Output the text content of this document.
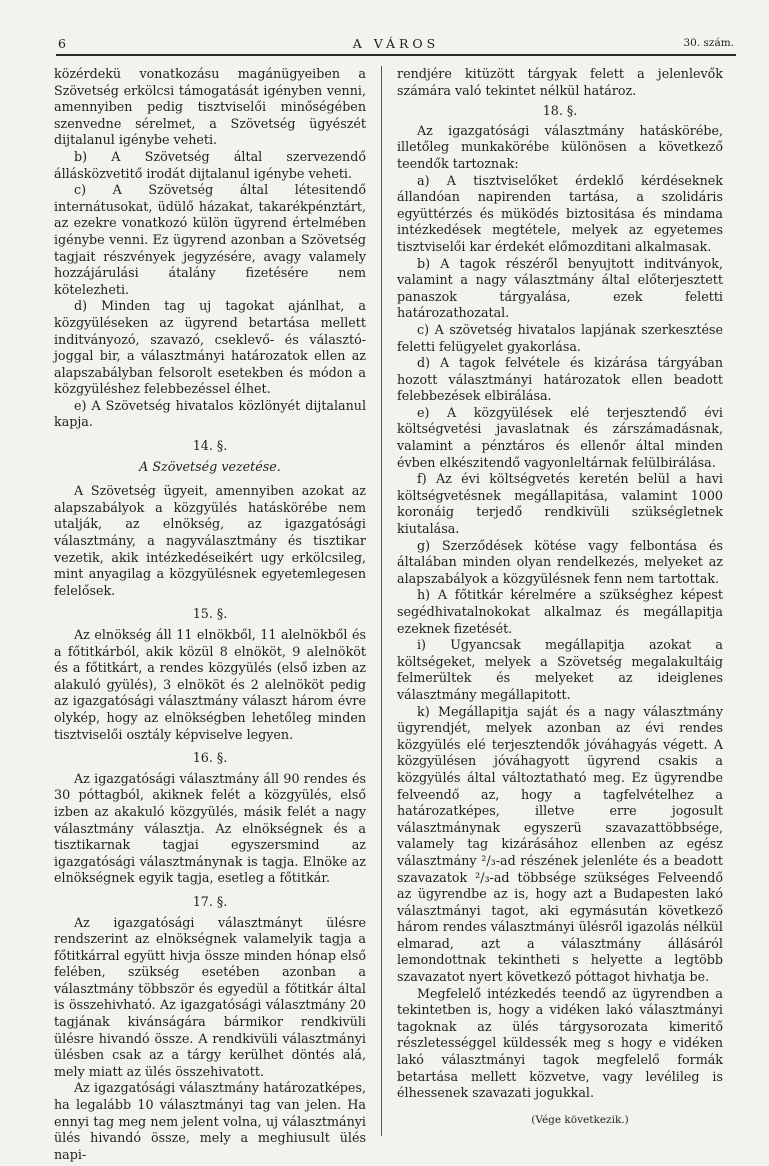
6	A VÁROS	30. szám.

közérdekü vonatkozásu magánügyeiben a Szövetség erkölcsi támogatását igényben venni, amennyiben pedig tisztviselői minőségében szenvedne sérelmet, a Szövetség ügyészét dijtalanul igénybe veheti.

b) A Szövetség által szervezendő állásközvetitő irodát dijtalanul igénybe veheti.

c) A Szövetség által létesitendő internátusokat, üdülő házakat, takarékpénztárt, az ezekre vonatkozó külön ügyrend értelmében igénybe venni. Ez ügyrend azonban a Szövetség tagjait részvények jegyzésére, avagy valamely hozzájárulási átalány fizetésére nem kötelezheti.

d) Minden tag uj tagokat ajánlhat, a közgyüléseken az ügyrend betartása mellett inditványozó, szavazó, cseklevő- és választó-joggal bir, a választmányi határozatok ellen az alapszabályban felsorolt esetekben és módon a közgyüléshez felebbezéssel élhet.

e) A Szövetség hivatalos közlönyét dijtalanul kapja.

14. §.

A Szövetség vezetése.

A Szövetség ügyeit, amennyiben azokat az alapszabályok a közgyülés hatáskörébe nem utalják, az elnökség, az igazgatósági választmány, a nagyválasztmány és tisztikar vezetik, akik intézkedéseikért ugy erkölcsileg, mint anyagilag a közgyülésnek egyetemlegesen felelősek.

15. §.

Az elnökség áll 11 elnökből, 11 alelnökből és a főtitkárból, akik közül 8 elnököt, 9 alelnököt és a főtitkárt, a rendes közgyülés (első izben az alakuló gyülés), 3 elnököt és 2 alelnököt pedig az igazgatósági választmány választ három évre olykép, hogy az elnökségben lehetőleg minden tisztviselői osztály képviselve legyen.

16. §.

Az igazgatósági választmány áll 90 rendes és 30 póttagból, akiknek felét a közgyülés, első izben az akakuló közgyülés, másik felét a nagy választmány választja. Az elnökségnek és a tisztikarnak tagjai egyszersmind az igazgatósági választmánynak is tagja. Elnöke az elnökségnek egyik tagja, esetleg a főtitkár.

17. §.

Az igazgatósági választmányt ülésre rendszerint az elnökségnek valamelyik tagja a főtitkárral együtt hivja össze minden hónap első felében, szükség esetében azonban a választmány többször és egyedül a főtitkár által is összehivható. Az igazgatósági választmány 20 tagjának kivánságára bármikor rendkivüli ülésre hivandó össze. A rendkivüli választmányi ülésben csak az a tárgy kerülhet döntés alá, mely miatt az ülés összehivatott.

Az igazgatósági választmány határozatképes, ha legalább 10 választmányi tag van jelen. Ha ennyi tag meg nem jelent volna, uj választmányi ülés hivandó össze, mely a meghiusult ülés napi-

rendjére kitüzött tárgyak felett a jelenlevők számára való tekintet nélkül határoz.

18. §.

Az igazgatósági választmány hatáskörébe, illetőleg munkakörébe különösen a következő teendők tartoznak:

a) A tisztviselőket érdeklő kérdéseknek állandóan napirenden tartása, a szolidáris együttérzés és müködés biztositása és mindama intézkedések megtétele, melyek az egyetemes tisztviselői kar érdekét előmozditani alkalmasak.

b) A tagok részéről benyujtott inditványok, valamint a nagy választmány által előterjesztett panaszok tárgyalása, ezek feletti határozathozatal.

c) A szövetség hivatalos lapjának szerkesztése feletti felügyelet gyakorlása.

d) A tagok felvétele és kizárása tárgyában hozott választmányi határozatok ellen beadott felebbezések elbirálása.

e) A közgyülések elé terjesztendő évi költségvetési javaslatnak és zárszámadásnak, valamint a pénztáros és ellenőr által minden évben elkészitendő vagyonleltárnak felülbirálása.

f) Az évi költségvetés keretén belül a havi költségvetésnek megállapitása, valamint 1000 koronáig terjedő rendkivüli szükségletnek kiutalása.

g) Szerződések kötése vagy felbontása és általában minden olyan rendelkezés, melyeket az alapszabályok a közgyülésnek fenn nem tartottak.

h) A főtitkár kérelmére a szükséghez képest segédhivatalnokokat alkalmaz és megállapitja ezeknek fizetését.

i) Ugyancsak megállapitja azokat a költségeket, melyek a Szövetség megalakultáig felmerültek és melyeket az ideiglenes választmány megállapitott.

k) Megállapitja saját és a nagy választmány ügyrendjét, melyek azonban az évi rendes közgyülés elé terjesztendők jóváhagyás végett. A közgyülésen jóváhagyott ügyrend csakis a közgyülés által változtatható meg. Ez ügyrendbe felveendő az, hogy a tagfelvételhez a határozatképes, illetve erre jogosult választmánynak egyszerü szavazattöbbsége, valamely tag kizárásához ellenben az egész választmány ²/₃-ad részének jelenléte és a beadott szavazatok ²/₃-ad többsége szükséges Felveendő az ügyrendbe az is, hogy azt a Budapesten lakó választmányi tagot, aki egymásután következő három rendes választmányi ülésről igazolás nélkül elmarad, azt a választmány állásáról lemondottnak tekintheti s helyette a legtöbb szavazatot nyert következő póttagot hivhatja be.

Megfelelő intézkedés teendő az ügyrendben a tekintetben is, hogy a vidéken lakó választmányi tagoknak az ülés tárgysorozata kimeritő részletességgel küldessék meg s hogy e vidéken lakó választmányi tagok megfelelő formák betartása mellett közvetve, vagy levélileg is élhessenek szavazati jogukkal.

(Vége következik.)
